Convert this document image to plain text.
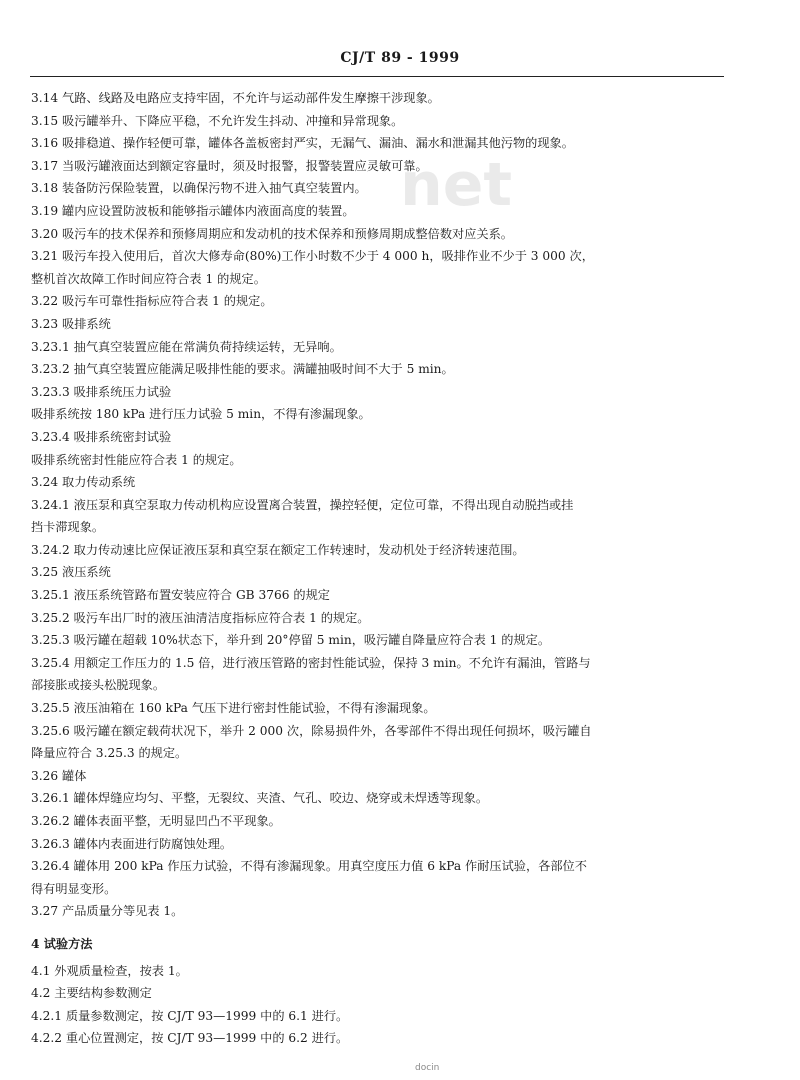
CJ/T 89 - 1999
net
3.14 气路、线路及电路应支持牢固，不允许与运动部件发生摩擦干涉现象。
3.15 吸污罐举升、下降应平稳，不允许发生抖动、冲撞和异常现象。
3.16 吸排稳道、操作轻便可靠，罐体各盖板密封严实，无漏气、漏油、漏水和泄漏其他污物的现象。
3.17 当吸污罐液面达到额定容量时，须及时报警，报警装置应灵敏可靠。
3.18 装备防污保险装置，以确保污物不进入抽气真空装置内。
3.19 罐内应设置防波板和能够指示罐体内液面高度的装置。
3.20 吸污车的技术保养和预修周期应和发动机的技术保养和预修周期成整倍数对应关系。
3.21 吸污车投入使用后，首次大修寿命(80%)工作小时数不少于 4 000 h，吸排作业不少于 3 000 次，
整机首次故障工作时间应符合表 1 的规定。
3.22 吸污车可靠性指标应符合表 1 的规定。
3.23 吸排系统
3.23.1 抽气真空装置应能在常满负荷持续运转，无异响。
3.23.2 抽气真空装置应能满足吸排性能的要求。满罐抽吸时间不大于 5 min。
3.23.3 吸排系统压力试验
吸排系统按 180 kPa 进行压力试验 5 min，不得有渗漏现象。
3.23.4 吸排系统密封试验
吸排系统密封性能应符合表 1 的规定。
3.24 取力传动系统
3.24.1 液压泵和真空泵取力传动机构应设置离合装置，操控轻便，定位可靠，不得出现自动脱挡或挂
挡卡滞现象。
3.24.2 取力传动速比应保证液压泵和真空泵在额定工作转速时，发动机处于经济转速范围。
3.25 液压系统
3.25.1 液压系统管路布置安装应符合 GB 3766 的规定
3.25.2 吸污车出厂时的液压油清洁度指标应符合表 1 的规定。
3.25.3 吸污罐在超载 10%状态下，举升到 20°停留 5 min，吸污罐自降量应符合表 1 的规定。
3.25.4 用额定工作压力的 1.5 倍，进行液压管路的密封性能试验，保持 3 min。不允许有漏油，管路与
部接胀或接头松脱现象。
3.25.5 液压油箱在 160 kPa 气压下进行密封性能试验，不得有渗漏现象。
3.25.6 吸污罐在额定载荷状况下，举升 2 000 次，除易损件外，各零部件不得出现任何损坏，吸污罐自
降量应符合 3.25.3 的规定。
3.26 罐体
3.26.1 罐体焊缝应均匀、平整，无裂纹、夹渣、气孔、咬边、烧穿或未焊透等现象。
3.26.2 罐体表面平整，无明显凹凸不平现象。
3.26.3 罐体内表面进行防腐蚀处理。
3.26.4 罐体用 200 kPa 作压力试验，不得有渗漏现象。用真空度压力值 6 kPa 作耐压试验，各部位不
得有明显变形。
3.27 产品质量分等见表 1。
4 试验方法
4.1 外观质量检查，按表 1。
4.2 主要结构参数测定
4.2.1 质量参数测定，按 CJ/T 93—1999 中的 6.1 进行。
4.2.2 重心位置测定，按 CJ/T 93—1999 中的 6.2 进行。
docin
